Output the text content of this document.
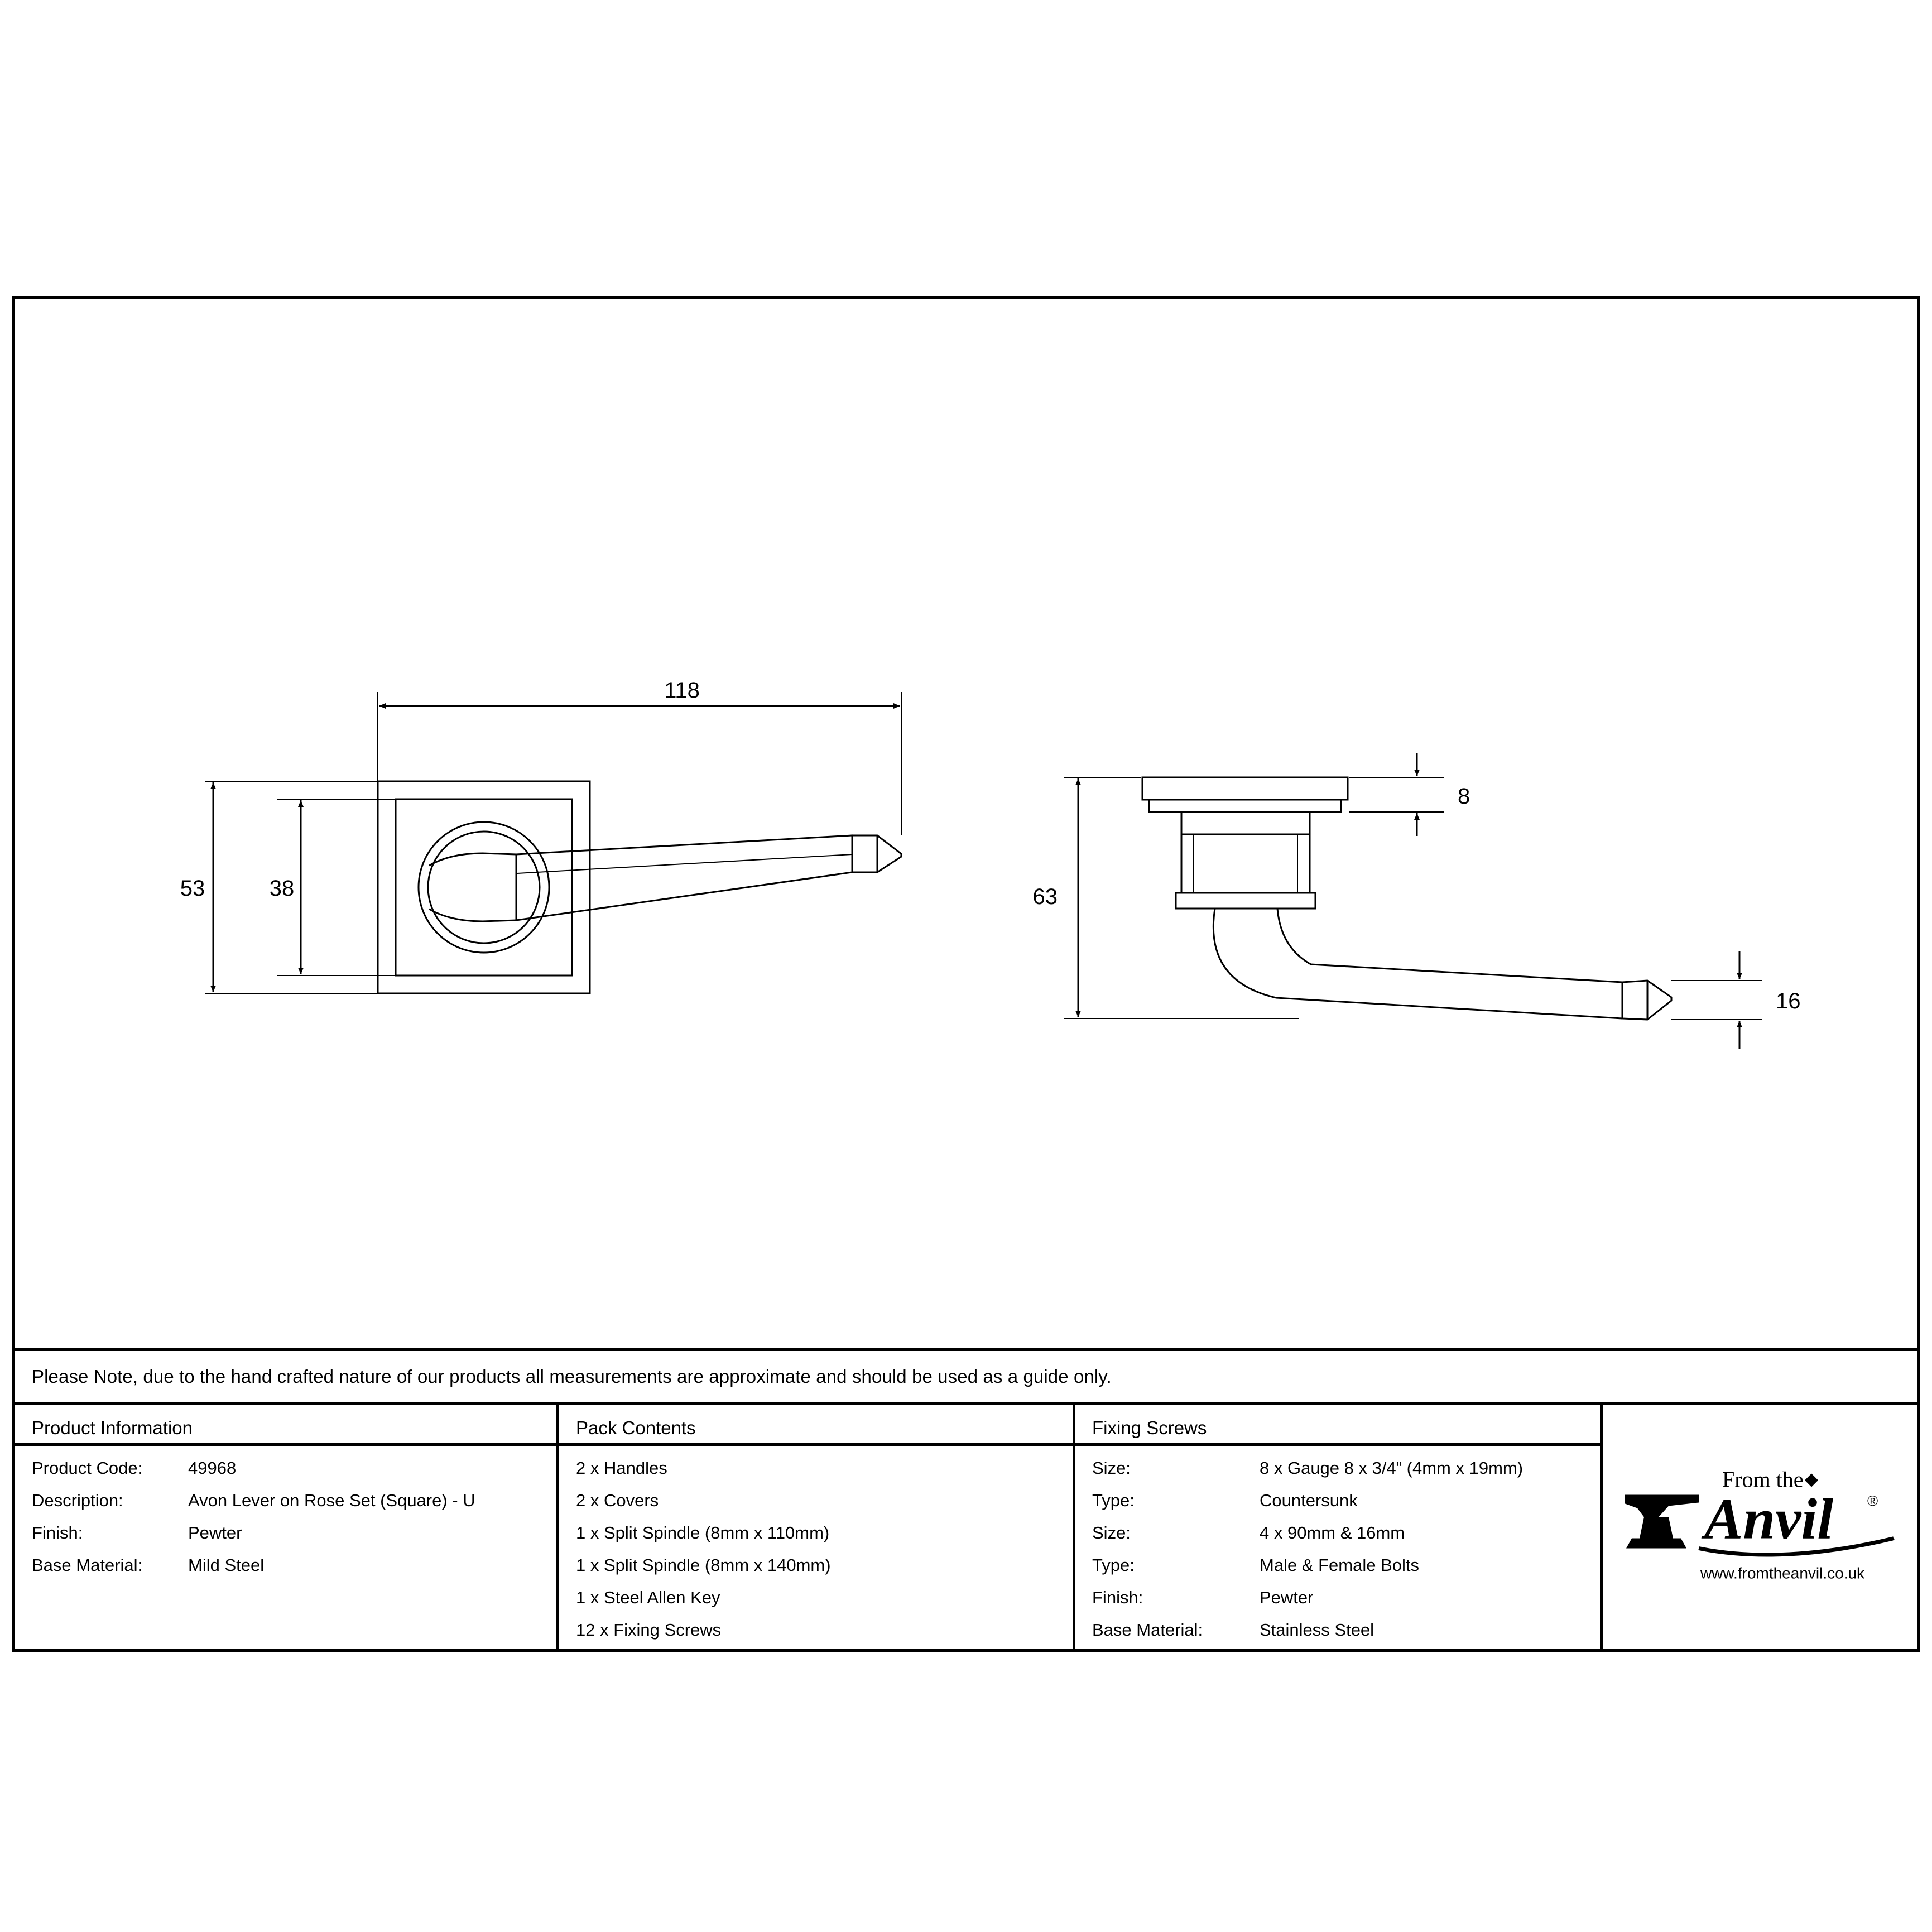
118
53	38
8
63
16
Please Note, due to the hand crafted nature of our products all measurements are approximate and should be used as a guide only.
Product Information
Product Code:	49968
Description:	Avon Lever on Rose Set (Square) - U
Finish:	Pewter
Base Material:	Mild Steel
Pack Contents
2 x Handles
2 x Covers
1 x Split Spindle (8mm x 110mm)
1 x Split Spindle (8mm x 140mm)
1 x Steel Allen Key
12 x Fixing Screws
Fixing Screws
Size:	8 x Gauge 8 x 3/4” (4mm x 19mm)
Type:	Countersunk
Size:	4 x 90mm & 16mm
Type:	Male & Female Bolts
Finish:	Pewter
Base Material:	Stainless Steel
From the
Anvil ®
www.fromtheanvil.co.uk
